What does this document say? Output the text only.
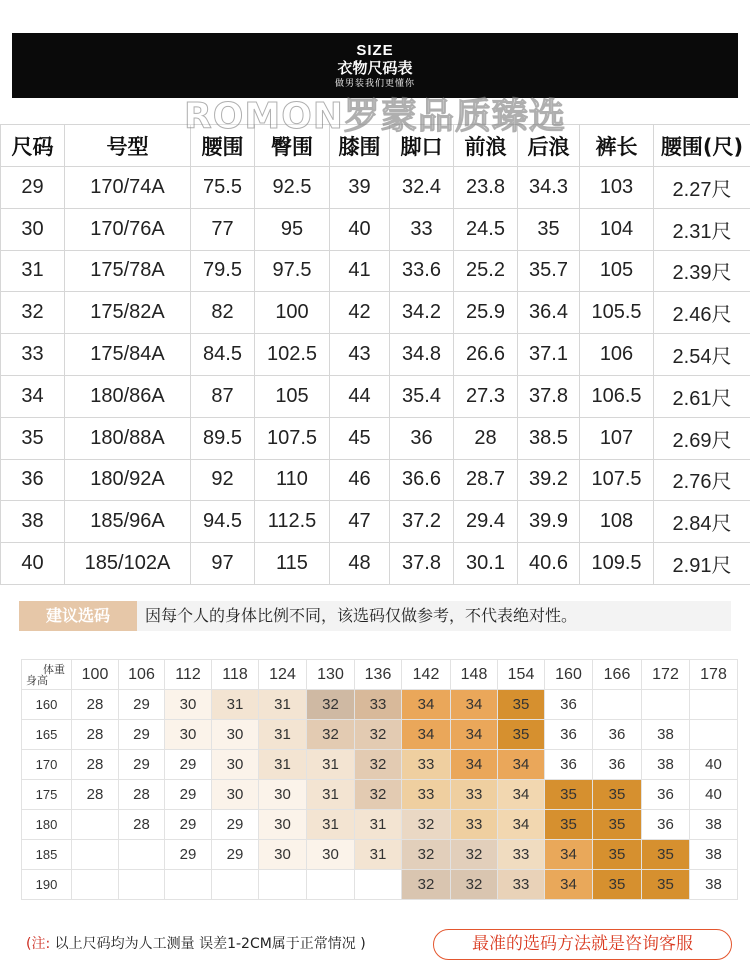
SIZE
衣物尺码表
做男装我们更懂你
ROMON罗蒙品质臻选
尺码	号型	腰围	臀围	膝围	脚口	前浪	后浪	裤长	腰围(尺)
29	170/74A	75.5	92.5	39	32.4	23.8	34.3	103	2.27尺
30	170/76A	77	95	40	33	24.5	35	104	2.31尺
31	175/78A	79.5	97.5	41	33.6	25.2	35.7	105	2.39尺
32	175/82A	82	100	42	34.2	25.9	36.4	105.5	2.46尺
33	175/84A	84.5	102.5	43	34.8	26.6	37.1	106	2.54尺
34	180/86A	87	105	44	35.4	27.3	37.8	106.5	2.61尺
35	180/88A	89.5	107.5	45	36	28	38.5	107	2.69尺
36	180/92A	92	110	46	36.6	28.7	39.2	107.5	2.76尺
38	185/96A	94.5	112.5	47	37.2	29.4	39.9	108	2.84尺
40	185/102A	97	115	48	37.8	30.1	40.6	109.5	2.91尺
建议选码	因每个人的身体比例不同，该选码仅做参考，不代表绝对性。
体重
身高	100	106	112	118	124	130	136	142	148	154	160	166	172	178
160	28	29	30	31	31	32	33	34	34	35	36			
165	28	29	30	30	31	32	32	34	34	35	36	36	38	
170	28	29	29	30	31	31	32	33	34	34	36	36	38	40
175	28	28	29	30	30	31	32	33	33	34	35	35	36	40
180		28	29	29	30	31	31	32	33	34	35	35	36	38
185			29	29	30	30	31	32	32	33	34	35	35	38
190								32	32	33	34	35	35	38
(注: 以上尺码均为人工测量 误差1-2CM属于正常情况 )	最准的选码方法就是咨询客服
